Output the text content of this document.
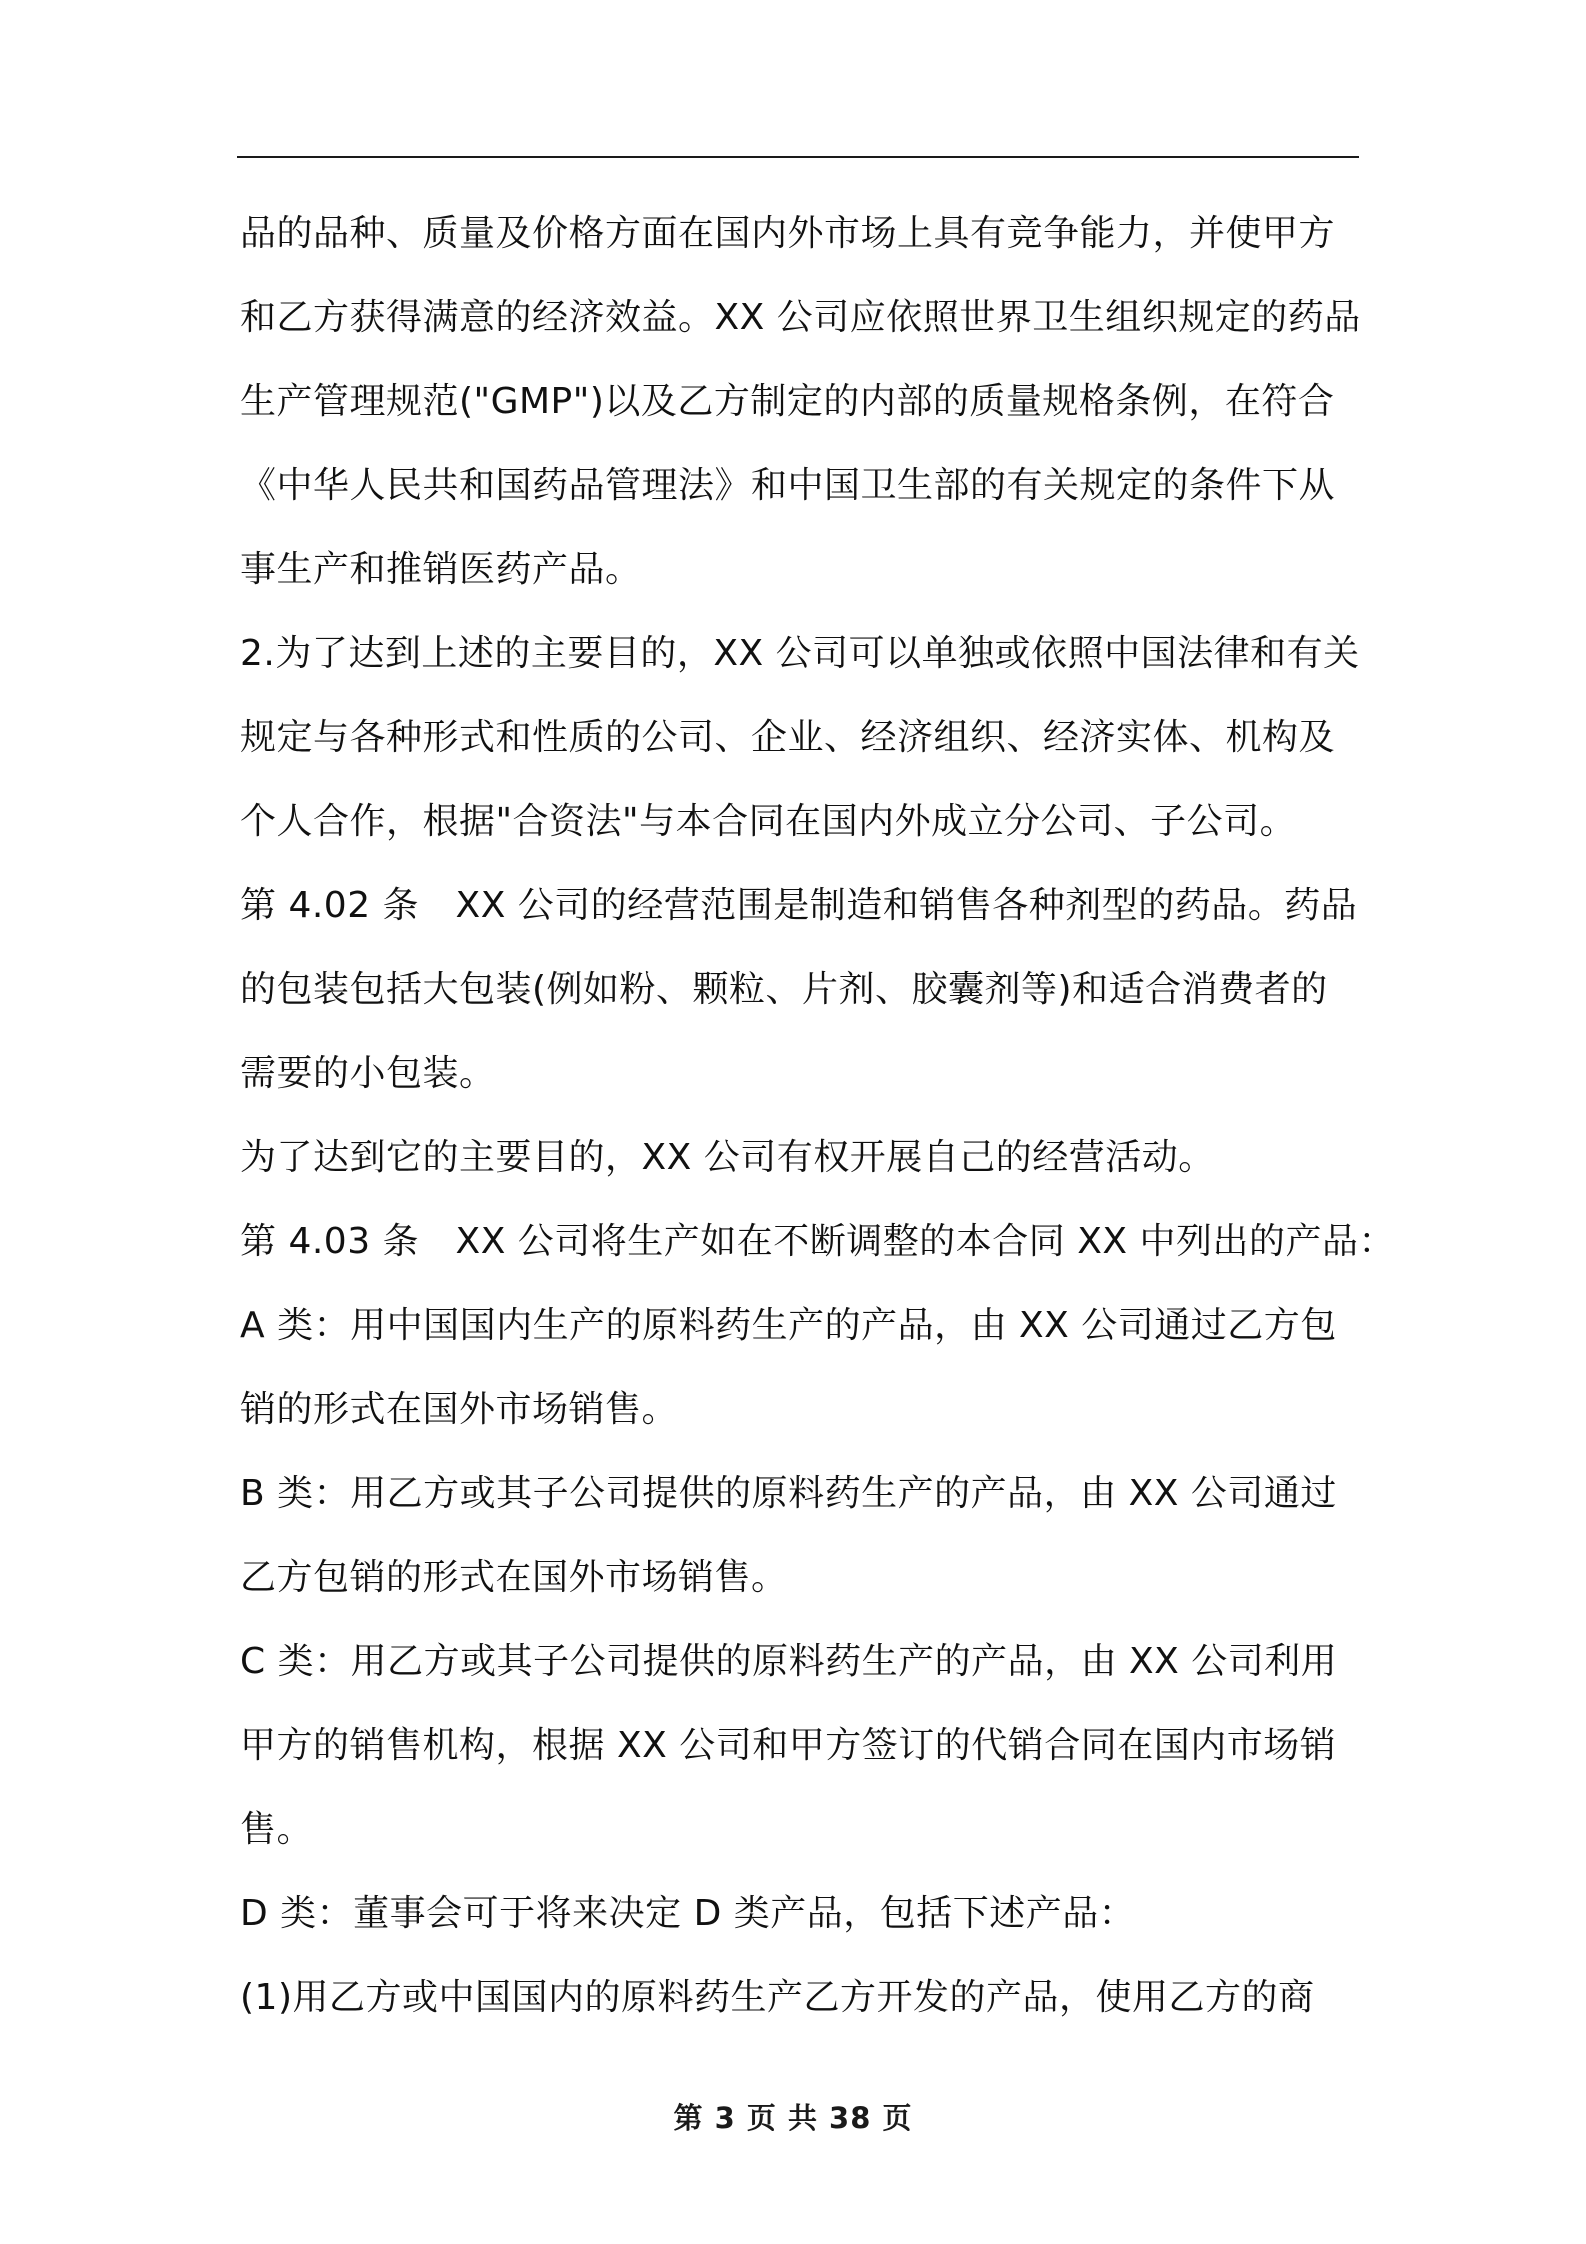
品的品种、质量及价格方面在国内外市场上具有竞争能力，并使甲方和乙方获得满意的经济效益。XX 公司应依照世界卫生组织规定的药品生产管理规范("GMP")以及乙方制定的内部的质量规格条例，在符合《中华人民共和国药品管理法》和中国卫生部的有关规定的条件下从事生产和推销医药产品。

2.为了达到上述的主要目的，XX 公司可以单独或依照中国法律和有关规定与各种形式和性质的公司、企业、经济组织、经济实体、机构及个人合作，根据"合资法"与本合同在国内外成立分公司、子公司。

第 4.02 条　XX 公司的经营范围是制造和销售各种剂型的药品。药品的包装包括大包装(例如粉、颗粒、片剂、胶囊剂等)和适合消费者的需要的小包装。

为了达到它的主要目的，XX 公司有权开展自己的经营活动。

第 4.03 条　XX 公司将生产如在不断调整的本合同 XX 中列出的产品：

A 类：用中国国内生产的原料药生产的产品，由 XX 公司通过乙方包销的形式在国外市场销售。

B 类：用乙方或其子公司提供的原料药生产的产品，由 XX 公司通过乙方包销的形式在国外市场销售。

C 类：用乙方或其子公司提供的原料药生产的产品，由 XX 公司利用甲方的销售机构，根据 XX 公司和甲方签订的代销合同在国内市场销售。

D 类：董事会可于将来决定 D 类产品，包括下述产品：

(1)用乙方或中国国内的原料药生产乙方开发的产品，使用乙方的商

第 3 页 共 38 页
